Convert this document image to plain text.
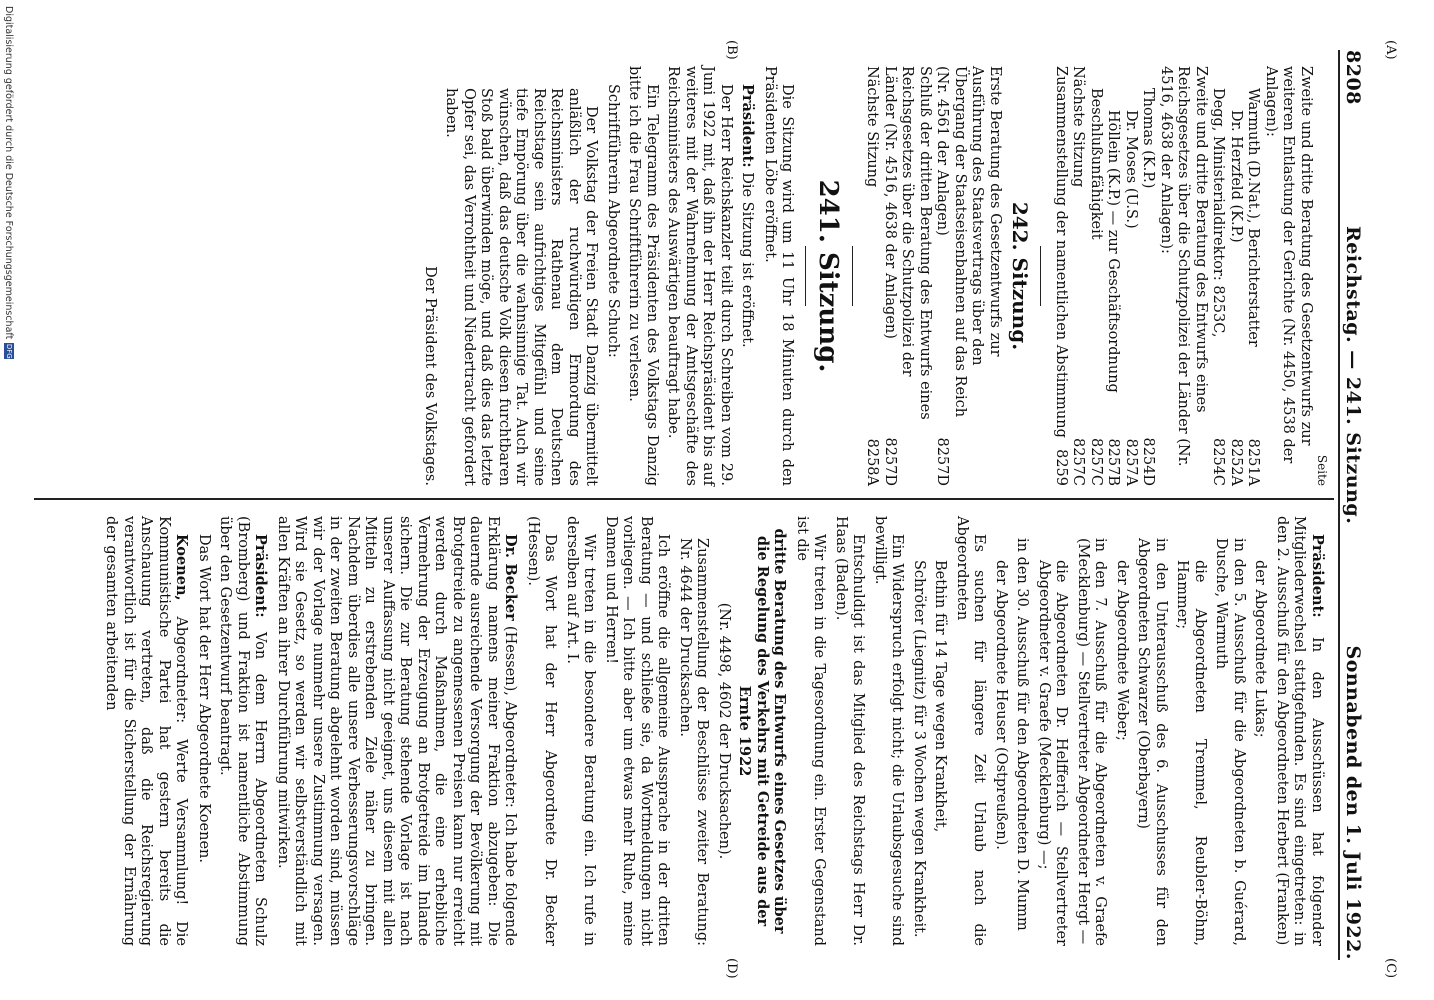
8208
Reichstag. — 241. Sitzung.
Sonnabend den 1. Juli 1922.
(A)
(B)
(C)
(D)
Seite
Zweite und dritte Beratung des Gesetzentwurfs zur weiteren Entlastung der Gerichte (Nr. 4450, 4538 der Anlagen):
Warmuth (D.Nat.), Berichterstatter
8251A
Dr. Herzfeld (K.P.)
8252A
Degg, Ministerialdirektor: 8253C,
8254C
Zweite und dritte Beratung des Entwurfs eines Reichsgesetzes über die Schutzpolizei der Länder (Nr. 4516, 4638 der Anlagen):
Thomas (K.P.)
8254D
Dr. Moses (U.S.)
8257A
Höllein (K.P.) — zur Geschäftsordnung
8257B
Beschlußunfähigkeit
8257C
Nächste Sitzung
8257C
Zusammenstellung der namentlichen Abstimmung
8259
242. Sitzung.
Erste Beratung des Gesetzentwurfs zur Ausführung des Staatsvertrags über den Übergang der Staatseisenbahnen auf das Reich (Nr. 4561 der Anlagen)
8257D
Schluß der dritten Beratung des Entwurfs eines Reichsgesetzes über die Schutzpolizei der Länder (Nr. 4516, 4638 der Anlagen)
8257D
Nächste Sitzung
8258A
241. Sitzung.

Die Sitzung wird um 11 Uhr 18 Minuten durch den Präsidenten Löbe eröffnet.

Präsident: Die Sitzung ist eröffnet.

Der Herr Reichskanzler teilt durch Schreiben vom 29. Juni 1922 mit, daß ihn der Herr Reichspräsident bis auf weiteres mit der Wahrnehmung der Amtsgeschäfte des Reichsministers des Auswärtigen beauftragt habe.

Ein Telegramm des Präsidenten des Volkstags Danzig bitte ich die Frau Schriftführerin zu verlesen.

Schriftführerin Abgeordnete Schuch:

Der Volkstag der Freien Stadt Danzig übermittelt anläßlich der ruchwürdigen Ermordung des Reichsministers Rathenau dem Deutschen Reichstage sein aufrichtiges Mitgefühl und seine tiefe Empörung über die wahnsinnige Tat. Auch wir wünschen, daß das deutsche Volk diesen furchtbaren Stoß bald überwinden möge, und daß dies das letzte Opfer sei, das Verrohtheit und Niedertracht gefordert haben.

Der Präsident des Volkstages.

Präsident: In den Ausschüssen hat folgender Mitgliederwechsel stattgefunden. Es sind eingetreten: in den 2. Ausschuß für den Abgeordneten Herbert (Franken)

der Abgeordnete Lukas;

in den 5. Ausschuß für die Abgeordneten b. Guérard, Dusche, Warmuth

die Abgeordneten Tremmel, Reubler-Böhm, Hammer;

in den Unterausschuß des 6. Ausschusses für den Abgeordneten Schwarzer (Oberbayern)

der Abgeordnete Weber;

in den 7. Ausschuß für die Abgeordneten v. Graefe (Mecklenburg) — Stellvertreter Abgeordneter Hergt —

die Abgeordneten Dr. Helfferich — Stellvertreter Abgeordneter v. Graefe (Mecklenburg) —;

in den 30. Ausschuß für den Abgeordneten D. Mumm

der Abgeordnete Heuser (Ostpreußen).

Es suchen für längere Zeit Urlaub nach die Abgeordneten

Bethin für 14 Tage wegen Krankheit,

Schröter (Liegnitz) für 3 Wochen wegen Krankheit.

Ein Widerspruch erfolgt nicht; die Urlaubsgesuche sind bewilligt.

Entschuldigt ist das Mitglied des Reichstags Herr Dr. Haas (Baden).

Wir treten in die Tagesordnung ein. Erster Gegenstand ist die

dritte Beratung des Entwurfs eines Gesetzes über die Regelung des Verkehrs mit Getreide aus der Ernte 1922

(Nr. 4498, 4602 der Drucksachen).

Zusammenstellung der Beschlüsse zweiter Beratung: Nr. 4644 der Drucksachen.

Ich eröffne die allgemeine Aussprache in der dritten Beratung — und schließe sie, da Wortmeldungen nicht vorliegen. — Ich bitte aber um etwas mehr Ruhe, meine Damen und Herren!

Wir treten in die besondere Beratung ein. Ich rufe in derselben auf Art. I.

Das Wort hat der Herr Abgeordnete Dr. Becker (Hessen).

Dr. Becker (Hessen), Abgeordneter: Ich habe folgende Erklärung namens meiner Fraktion abzugeben: Die dauernde ausreichende Versorgung der Bevölkerung mit Brotgetreide zu angemessenen Preisen kann nur erreicht werden durch Maßnahmen, die eine erhebliche Vermehrung der Erzeugung an Brotgetreide im Inlande sichern. Die zur Beratung stehende Vorlage ist nach unserer Auffassung nicht geeignet, uns diesem mit allen Mitteln zu erstrebenden Ziele näher zu bringen. Nachdem überdies alle unsere Verbesserungsvorschläge in der zweiten Beratung abgelehnt worden sind, müssen wir der Vorlage nunmehr unsere Zustimmung versagen. Wird sie Gesetz, so werden wir selbstverständlich mit allen Kräften an ihrer Durchführung mitwirken.

Präsident: Von dem Herrn Abgeordneten Schulz (Bromberg) und Fraktion ist namentliche Abstimmung über den Gesetzentwurf beantragt.

Das Wort hat der Herr Abgeordnete Koenen.

Koenen, Abgeordneter: Werte Versammlung! Die Kommunistische Partei hat gestern bereits die Anschauung vertreten, daß die Reichsregierung verantwortlich ist für die Sicherstellung der Ernährung der gesamten arbeitenden

Digitalisierung gefördert durch die Deutsche Forschungsgemeinschaft
DFG
